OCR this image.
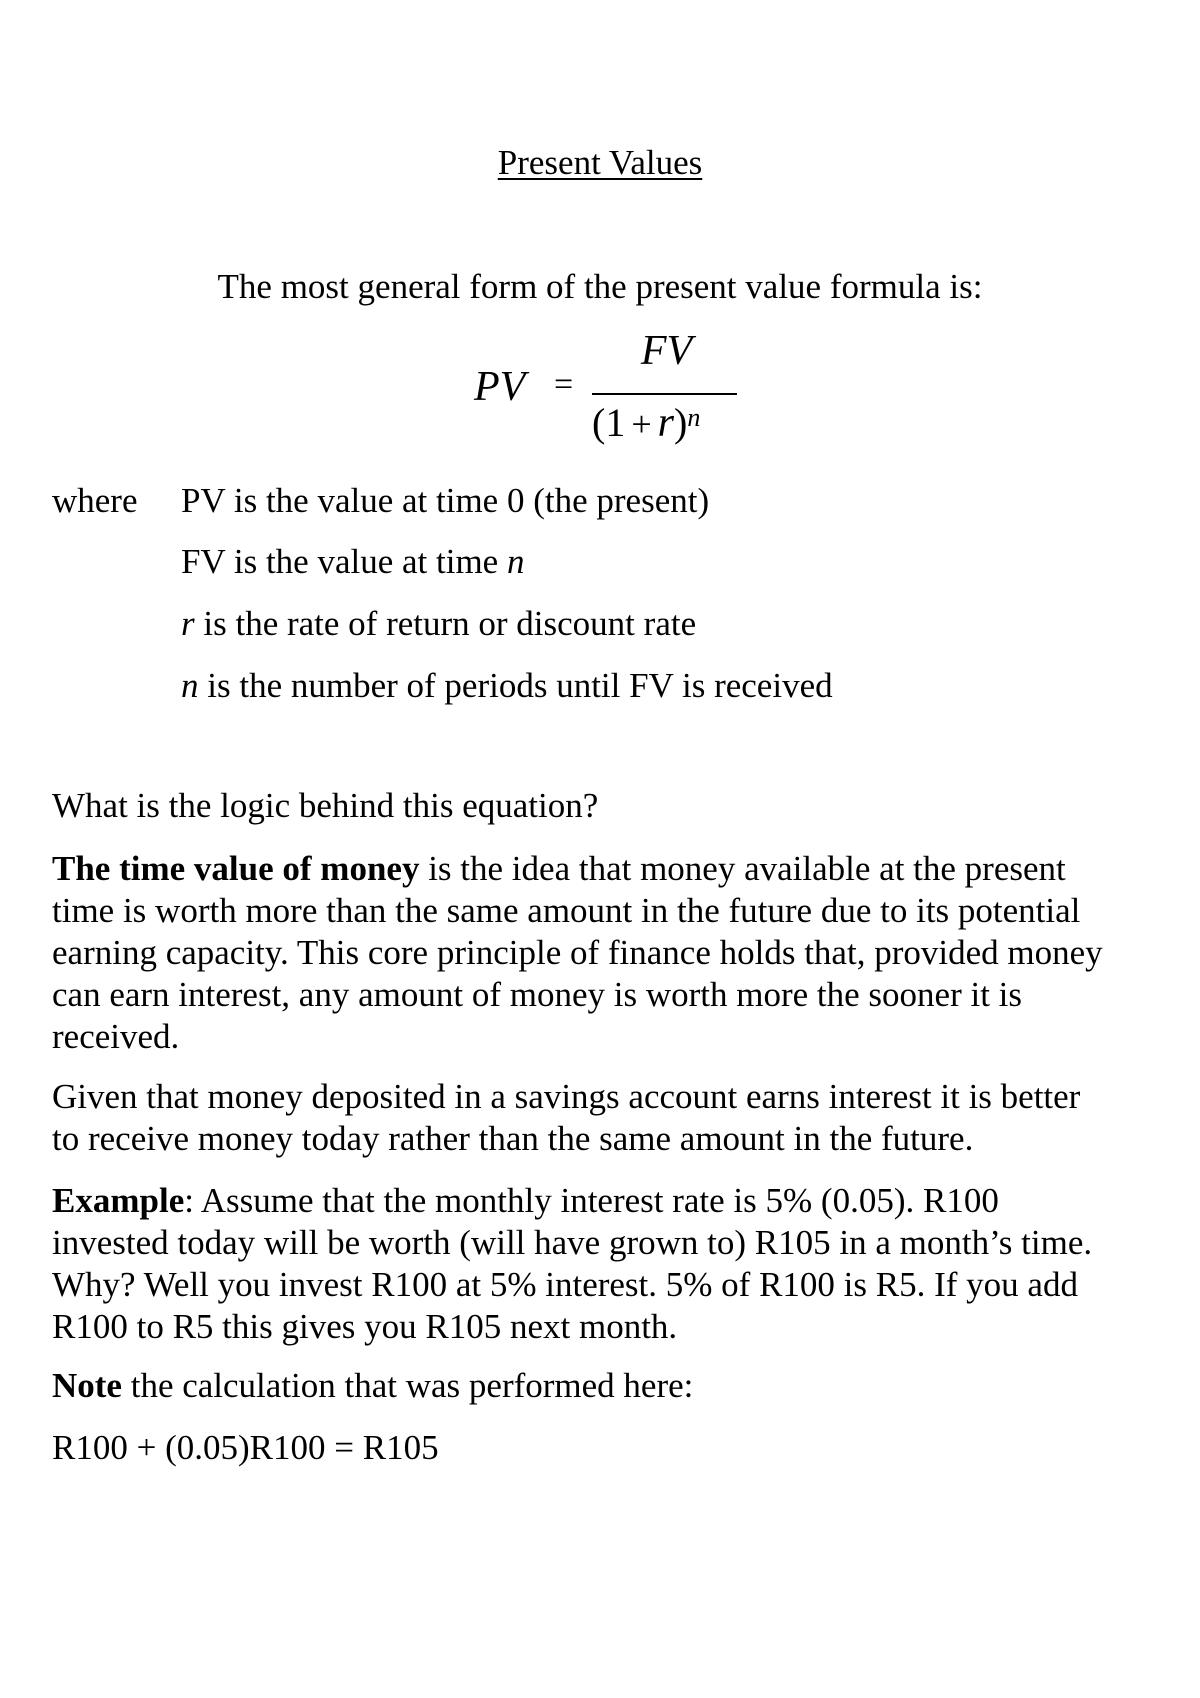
Present Values
The most general form of the present value formula is:
PV =
FV
$(1 + r)^n$
where PV is the value at time 0 (the present)
FV is the value at time n
r is the rate of return or discount rate
n is the number of periods until FV is received
What is the logic behind this equation?
The time value of money is the idea that money available at the present
time is worth more than the same amount in the future due to its potential
earning capacity. This core principle of finance holds that, provided money
can earn interest, any amount of money is worth more the sooner it is
received.
Given that money deposited in a savings account earns interest it is better
to receive money today rather than the same amount in the future.
Example: Assume that the monthly interest rate is 5% (0.05). R100
invested today will be worth (will have grown to) R105 in a month’s time.
Why? Well you invest R100 at 5% interest. 5% of R100 is R5. If you add
R100 to R5 this gives you R105 next month.
Note the calculation that was performed here:
R100 + (0.05)R100 = R105
